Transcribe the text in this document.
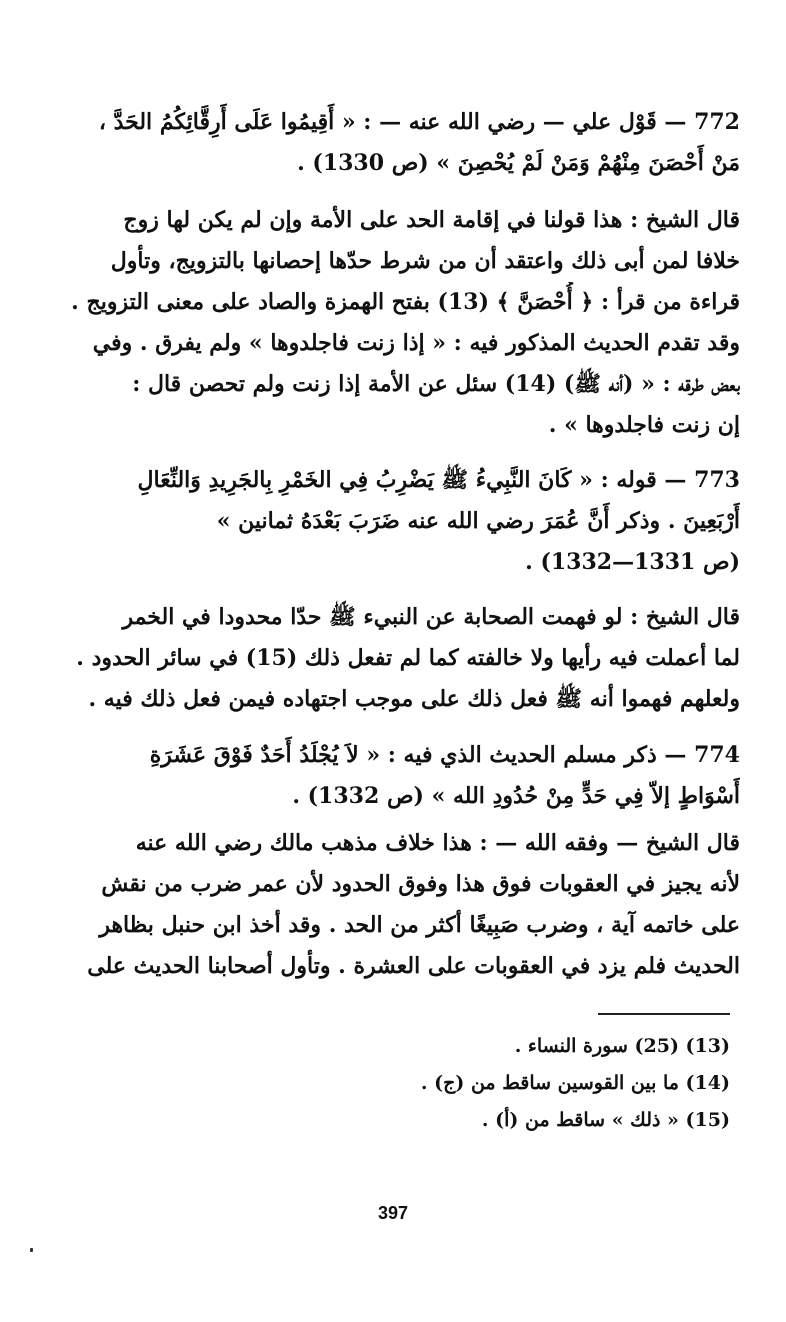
772 — قَوْل علي — رضي الله عنه — : « أَقِيمُوا عَلَى أَرِقَّائِكُمُ الحَدَّ ،
مَنْ أَحْصَنَ مِنْهُمْ وَمَنْ لَمْ يُحْصِنَ » (ص 1330) .
قال الشيخ : هذا قولنا في إقامة الحد على الأمة وإن لم يكن لها زوج
خلافا لمن أبى ذلك واعتقد أن من شرط حدّها إحصانها بالتزويج، وتأول
قراءة من قرأ : ﴿ أُحْصَنَّ ﴾ (13) بفتح الهمزة والصاد على معنى التزويج .
وقد تقدم الحديث المذكور فيه : « إذا زنت فاجلدوها » ولم يفرق . وفي
بعض طرقه : « (أنه ﷺ) (14) سئل عن الأمة إذا زنت ولم تحصن قال :
إن زنت فاجلدوها » .
773 — قوله : « كَانَ النَّبِيءُ ﷺ يَضْرِبُ فِي الخَمْرِ بِالجَرِيدِ وَالنِّعَالِ
أَرْبَعِينَ . وذكر أَنَّ عُمَرَ رضي الله عنه ضَرَبَ بَعْدَهُ ثمانين »
(ص 1331—1332) .
قال الشيخ : لو فهمت الصحابة عن النبيء ﷺ حدّا محدودا في الخمر
لما أعملت فيه رأيها ولا خالفته كما لم تفعل ذلك (15) في سائر الحدود .
ولعلهم فهموا أنه ﷺ فعل ذلك على موجب اجتهاده فيمن فعل ذلك فيه .
774 — ذكر مسلم الحديث الذي فيه : « لاَ يُجْلَدُ أَحَدٌ فَوْقَ عَشَرَةِ
أَسْوَاطٍ إلاّ فِي حَدٍّ مِنْ حُدُودِ الله » (ص 1332) .
قال الشيخ — وفقه الله — : هذا خلاف مذهب مالك رضي الله عنه
لأنه يجيز في العقوبات فوق هذا وفوق الحدود لأن عمر ضرب من نقش
على خاتمه آية ، وضرب صَبِيغًا أكثر من الحد . وقد أخذ ابن حنبل بظاهر
الحديث فلم يزد في العقوبات على العشرة . وتأول أصحابنا الحديث على
(13) (25) سورة النساء .
(14) ما بين القوسين ساقط من (ج) .
(15) « ذلك » ساقط من (أ) .
397
